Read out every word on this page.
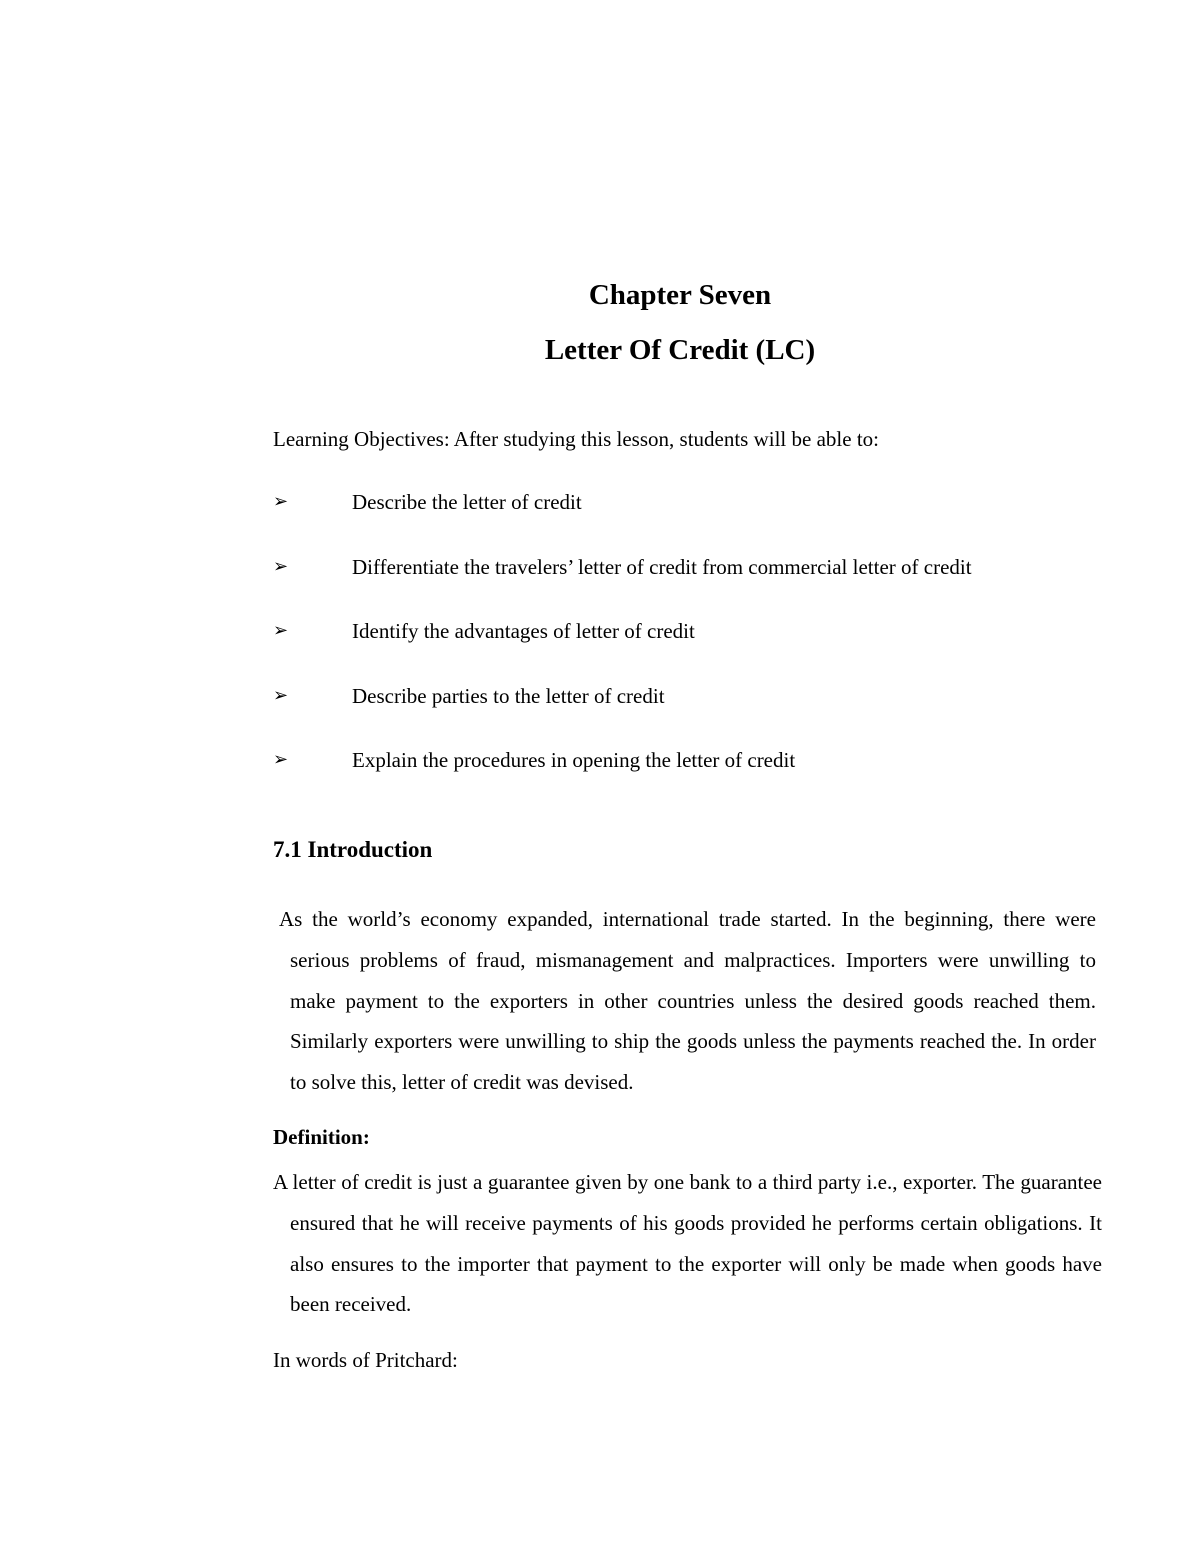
Chapter Seven
Letter Of Credit (LC)
Learning Objectives: After studying this lesson, students will be able to:
➢	Describe the letter of credit
➢	Differentiate the travelers’ letter of credit from commercial letter of credit
➢	Identify the advantages of letter of credit
➢	Describe parties to the letter of credit
➢	Explain the procedures in opening the letter of credit
7.1 Introduction

As the world’s economy expanded, international trade started. In the beginning, there were serious problems of fraud, mismanagement and malpractices. Importers were unwilling to make payment to the exporters in other countries unless the desired goods reached them. Similarly exporters were unwilling to ship the goods unless the payments reached the. In order to solve this, letter of credit was devised.

Definition:

A letter of credit is just a guarantee given by one bank to a third party i.e., exporter. The guarantee ensured that he will receive payments of his goods provided he performs certain obligations. It also ensures to the importer that payment to the exporter will only be made when goods have been received.

In words of Pritchard:
